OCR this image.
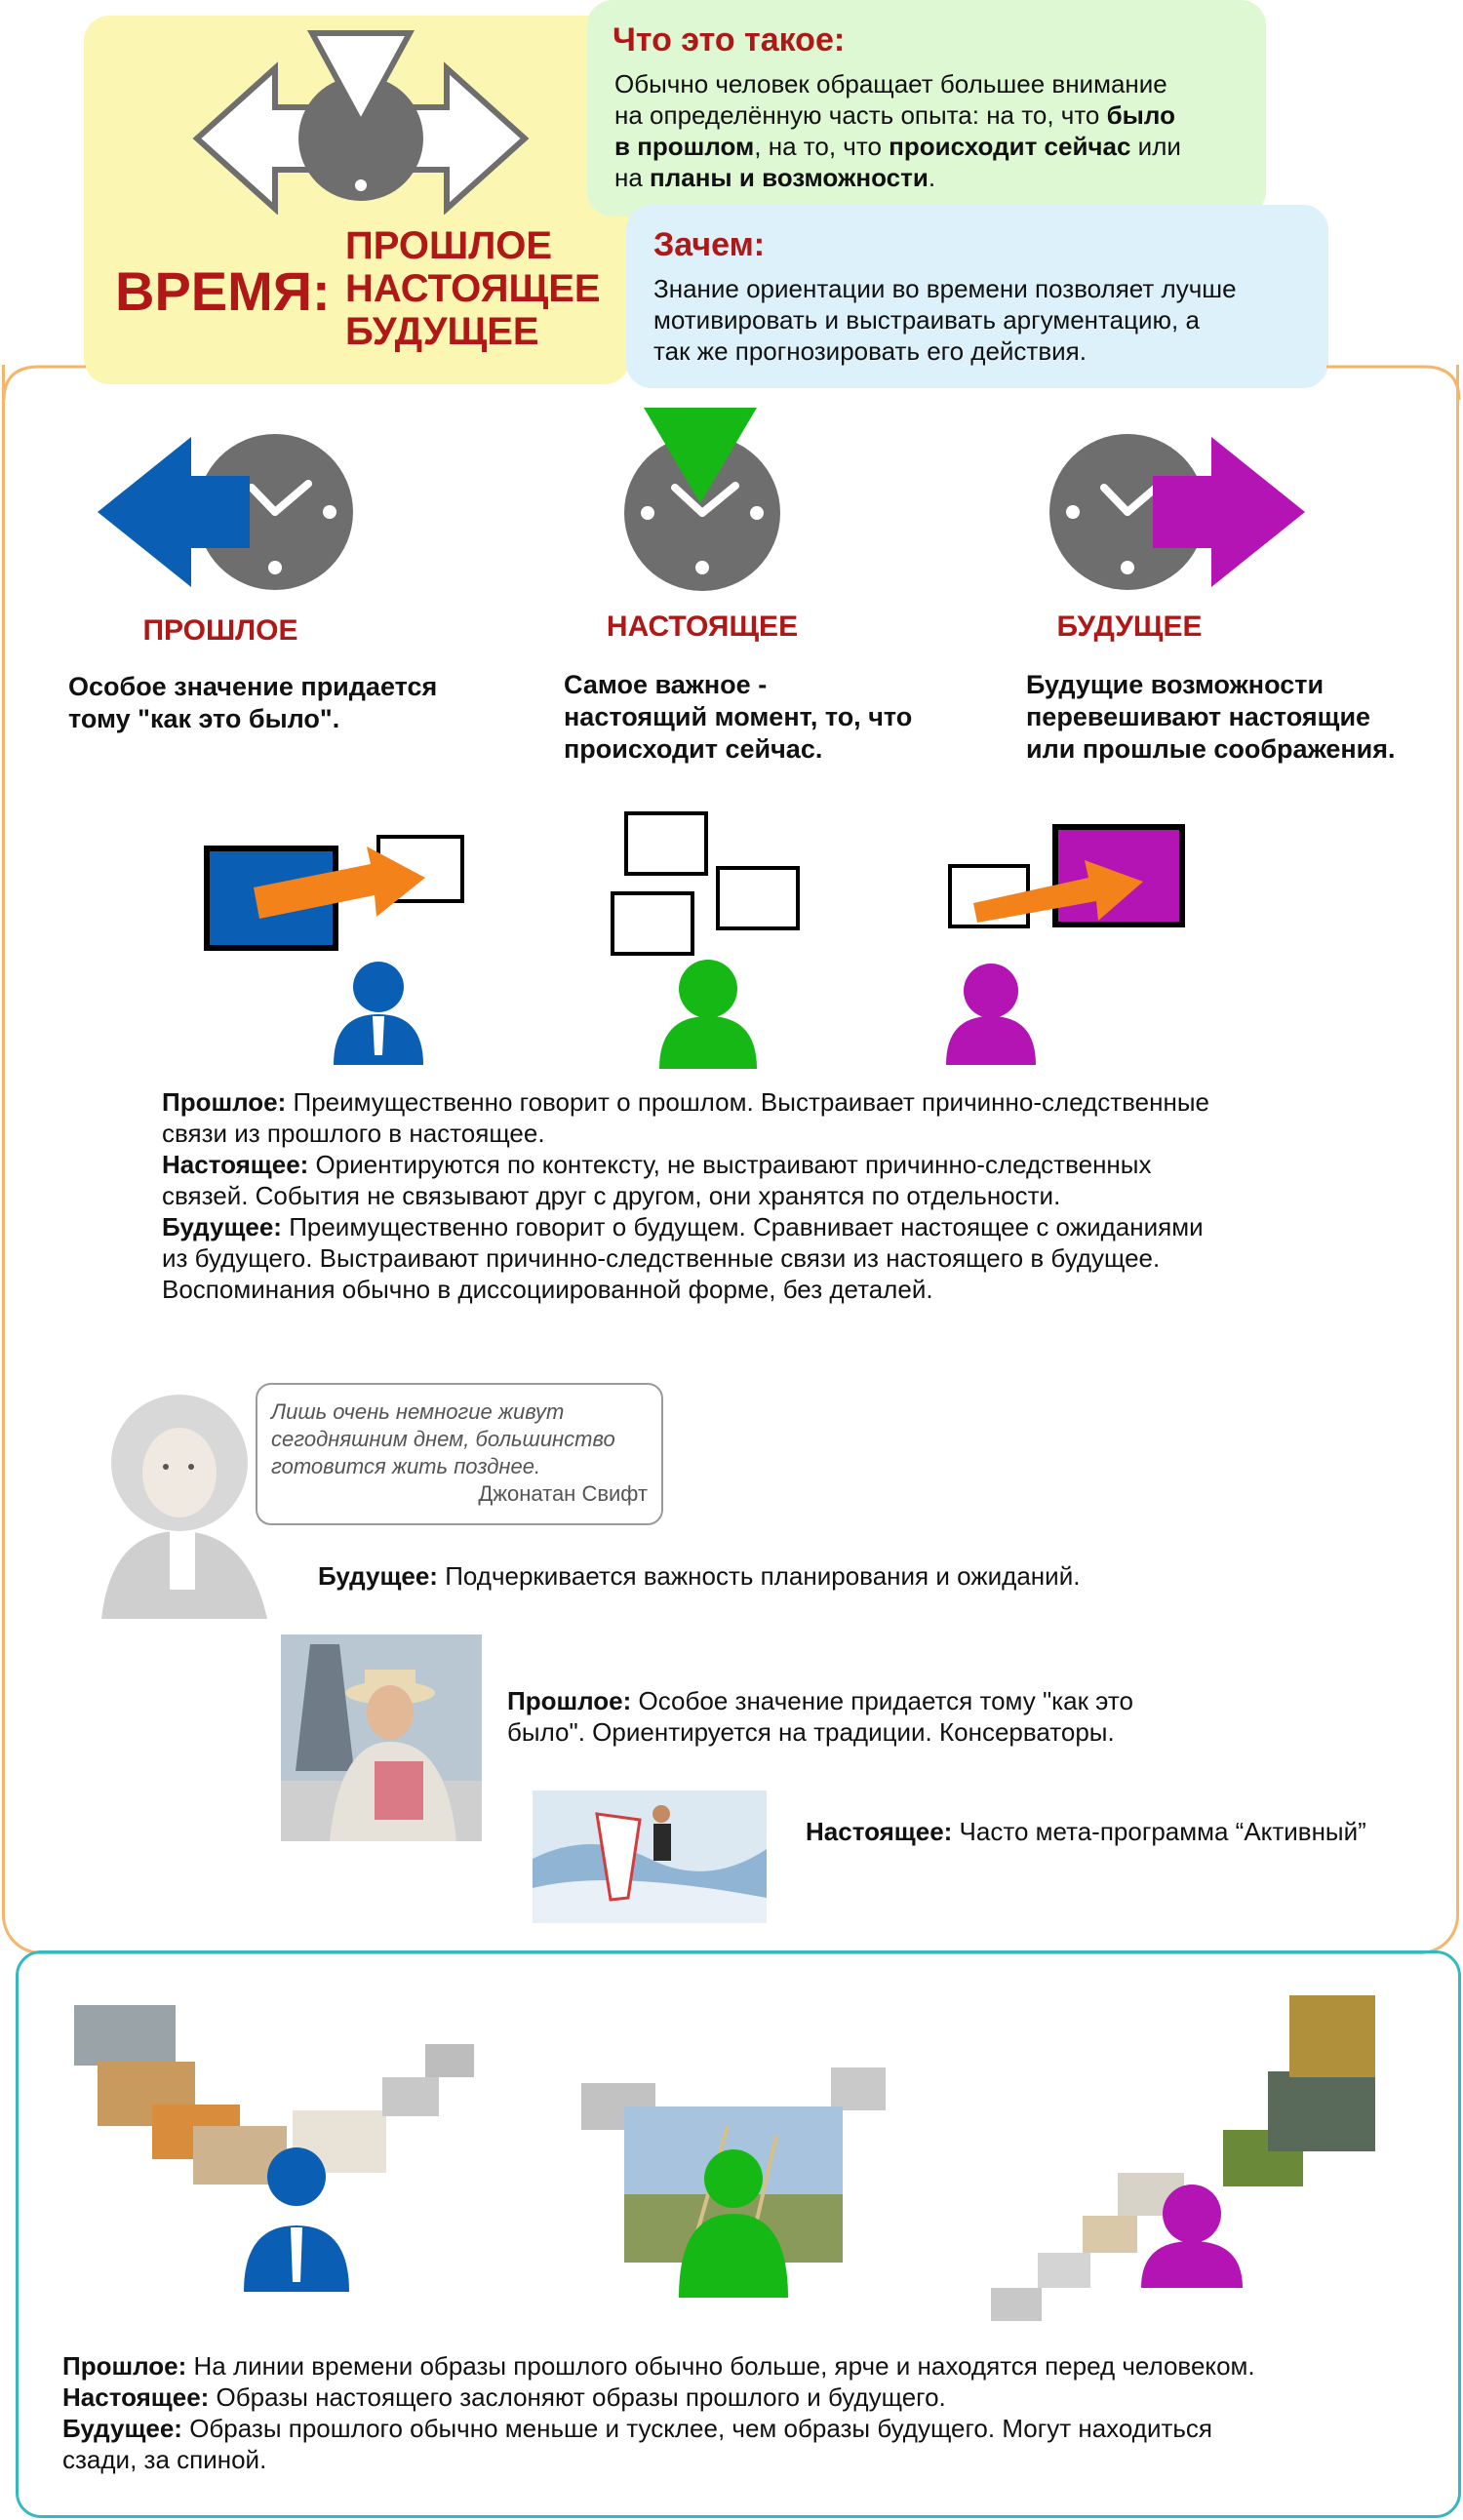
ВРЕМЯ:
ПРОШЛОЕ
НАСТОЯЩЕЕ
БУДУЩЕЕ
Что это такое:
Обычно человек обращает большее внимание
на определённую часть опыта: на то, что было
в прошлом, на то, что происходит сейчас или
на планы и возможности.
Зачем:
Знание ориентации во времени позволяет лучше
мотивировать и выстраивать аргументацию, а
так же прогнозировать его действия.
ПРОШЛОЕ	НАСТОЯЩЕЕ	БУДУЩЕЕ
Особое значение придается
тому "как это было".
Самое важное -
настоящий момент, то, что
происходит сейчас.
Будущие возможности
перевешивают настоящие
или прошлые соображения.

Прошлое: Преимущественно говорит о прошлом. Выстраивает причинно-следственные

связи из прошлого в настоящее.

Настоящее: Ориентируются по контексту, не выстраивают причинно-следственных

связей. События не связывают друг с другом, они хранятся по отдельности.

Будущее: Преимущественно говорит о будущем. Сравнивает настоящее с ожиданиями

из будущего. Выстраивают причинно-следственные связи из настоящего в будущее.

Воспоминания обычно в диссоциированной форме, без деталей.

Лишь очень немногие живут
сегодняшним днем, большинство
готовится жить позднее.
Джонатан Свифт
Будущее: Подчеркивается важность планирования и ожиданий.
Прошлое: Особое значение придается тому "как это
было". Ориентируется на традиции. Консерваторы.
Настоящее: Часто мета-программа “Активный”

Прошлое: На линии времени образы прошлого обычно больше, ярче и находятся перед человеком.

Настоящее: Образы настоящего заслоняют образы прошлого и будущего.

Будущее: Образы прошлого обычно меньше и тусклее, чем образы будущего. Могут находиться

сзади, за спиной.
